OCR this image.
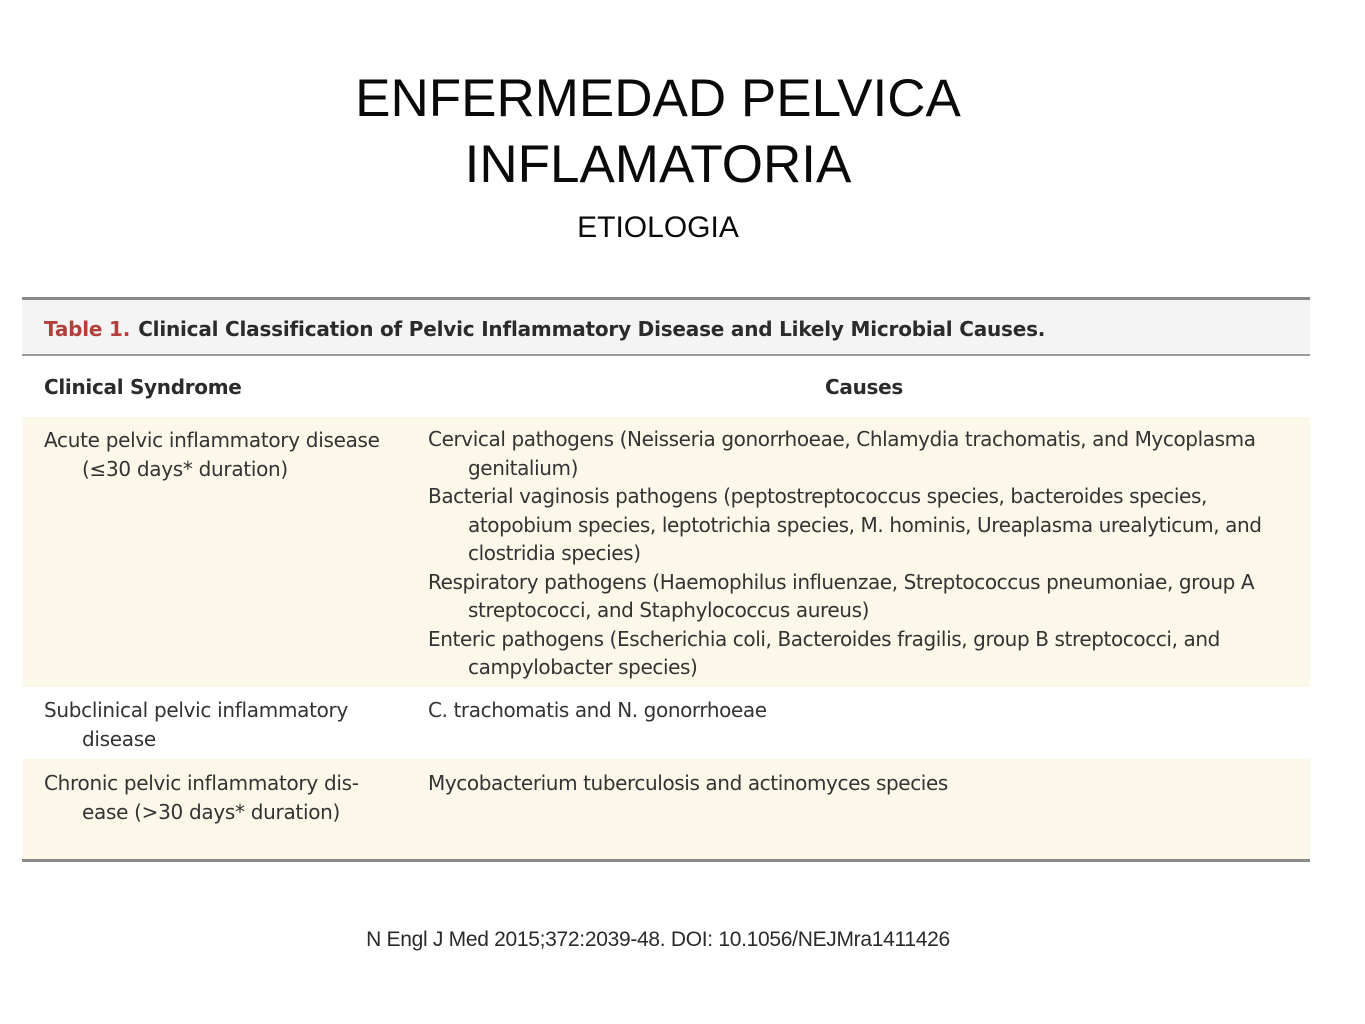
ENFERMEDAD PELVICA
INFLAMATORIA
ETIOLOGIA
Table 1. Clinical Classification of Pelvic Inflammatory Disease and Likely Microbial Causes.
Clinical Syndrome	Causes
Acute pelvic inflammatory disease
(≤30 days* duration)
Cervical pathogens (Neisseria gonorrhoeae, Chlamydia trachomatis, and Mycoplasma genitalium)
Bacterial vaginosis pathogens (peptostreptococcus species, bacteroides species, atopobium species, leptotrichia species, M. hominis, Ureaplasma urealyticum, and clostridia species)
Respiratory pathogens (Haemophilus influenzae, Streptococcus pneumoniae, group A streptococci, and Staphylococcus aureus)
Enteric pathogens (Escherichia coli, Bacteroides fragilis, group B streptococci, and campylobacter species)
Subclinical pelvic inflammatory
disease
C. trachomatis and N. gonorrhoeae
Chronic pelvic inflammatory dis-
ease (>30 days* duration)
Mycobacterium tuberculosis and actinomyces species
N Engl J Med 2015;372:2039-48. DOI: 10.1056/NEJMra1411426
